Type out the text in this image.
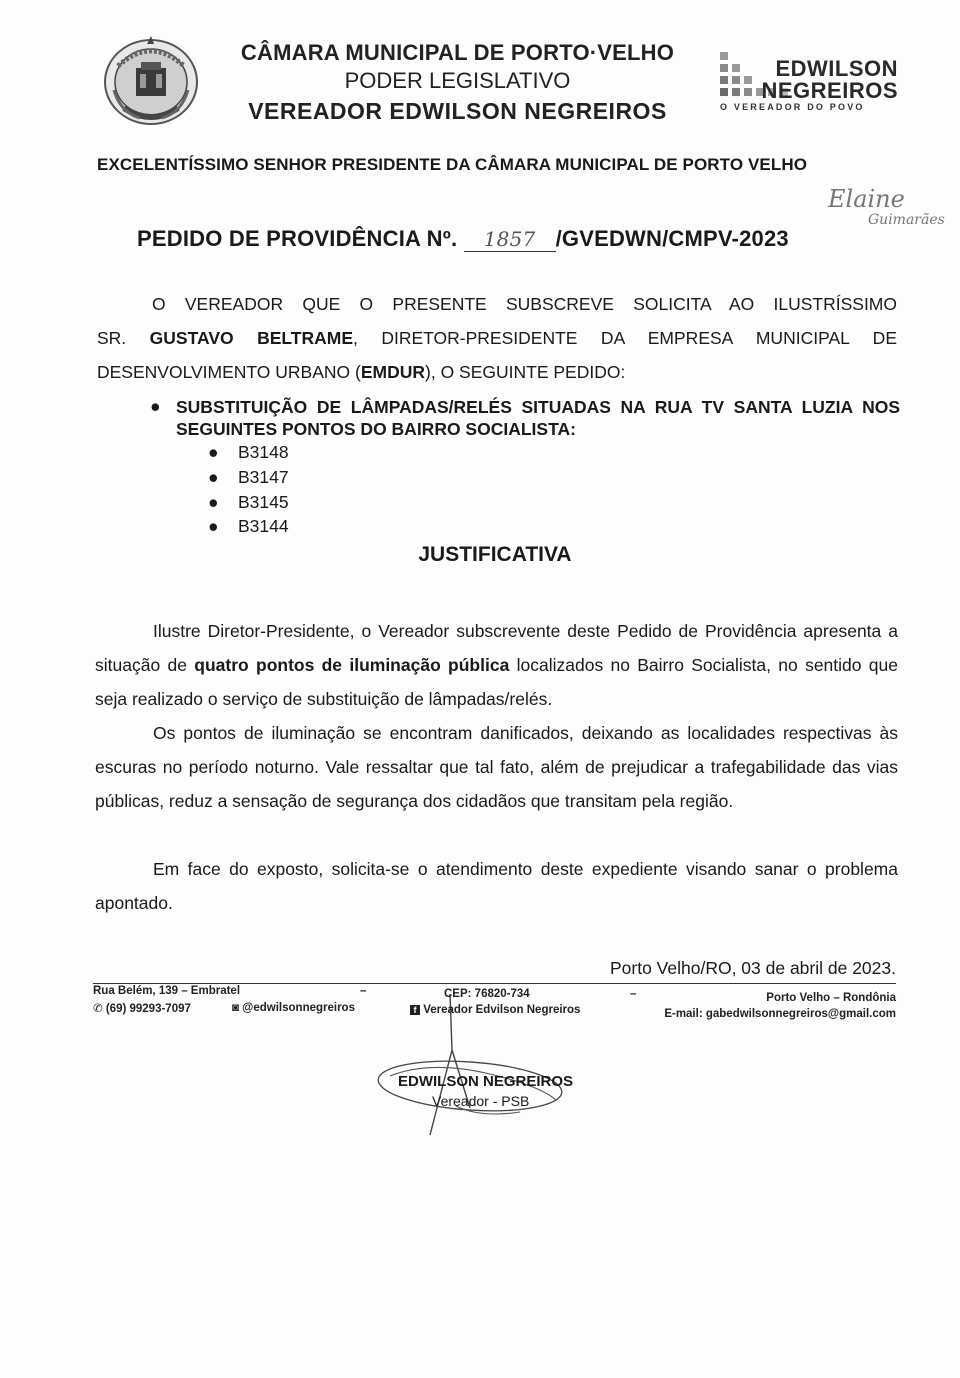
CÂMARA MUNICIPAL DE PORTO·VELHO
PODER LEGISLATIVO
VEREADOR EDWILSON NEGREIROS
EDWILSON
NEGREIROS
O VEREADOR DO POVO
EXCELENTÍSSIMO SENHOR PRESIDENTE DA CÂMARA MUNICIPAL DE PORTO VELHO
Elaine
Guimarães
PEDIDO DE PROVIDÊNCIA Nº. 1857 /GVEDWN/CMPV-2023
O VEREADOR QUE O PRESENTE SUBSCREVE SOLICITA AO ILUSTRÍSSIMO
SR. GUSTAVO BELTRAME, DIRETOR-PRESIDENTE DA EMPRESA MUNICIPAL DE
DESENVOLVIMENTO URBANO (EMDUR), O SEGUINTE PEDIDO:
● SUBSTITUIÇÃO DE LÂMPADAS/RELÉS SITUADAS NA RUA TV SANTA LUZIA NOS SEGUINTES PONTOS DO BAIRRO SOCIALISTA:
● B3148
● B3147
● B3145
● B3144
JUSTIFICATIVA
Ilustre Diretor-Presidente, o Vereador subscrevente deste Pedido de Providência apresenta a situação de quatro pontos de iluminação pública localizados no Bairro Socialista, no sentido que seja realizado o serviço de substituição de lâmpadas/relés.
Os pontos de iluminação se encontram danificados, deixando as localidades respectivas às escuras no período noturno. Vale ressaltar que tal fato, além de prejudicar a trafegabilidade das vias públicas, reduz a sensação de segurança dos cidadãos que transitam pela região.
Em face do exposto, solicita-se o atendimento deste expediente visando sanar o problema apontado.
Porto Velho/RO, 03 de abril de 2023.
EDWILSON NEGREIROS
Vereador - PSB
Rua Belém, 139 – Embratel	–	CEP: 76820-734	–	Porto Velho – Rondônia
✆ (69) 99293-7097	◙ @edwilsonnegreiros	f Vereador Edvilson Negreiros	E-mail: gabedwilsonnegreiros@gmail.com
